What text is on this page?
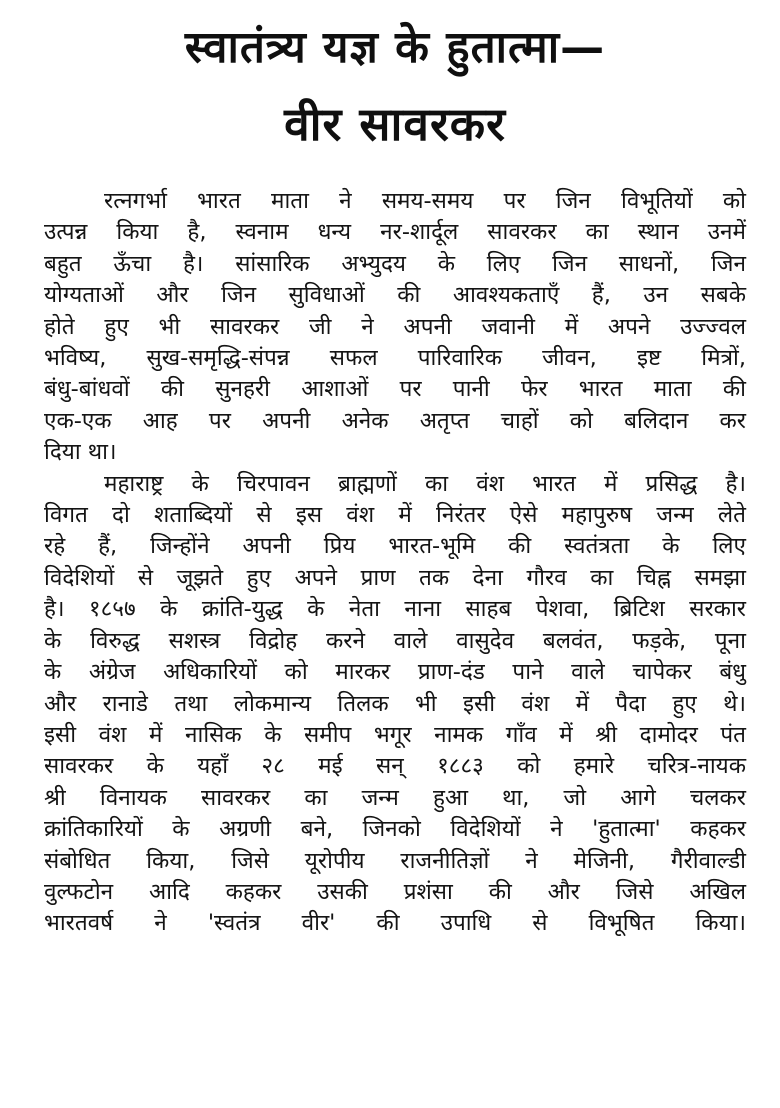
स्वातंत्र्य यज्ञ के हुतात्मा—
वीर सावरकर
रत्नगर्भा भारत माता ने समय-समय पर जिन विभूतियों को
उत्पन्न किया है, स्वनाम धन्य नर-शार्दूल सावरकर का स्थान उनमें
बहुत ऊँचा है। सांसारिक अभ्युदय के लिए जिन साधनों, जिन
योग्यताओं और जिन सुविधाओं की आवश्यकताएँ हैं, उन सबके
होते हुए भी सावरकर जी ने अपनी जवानी में अपने उज्ज्वल
भविष्य, सुख-समृद्धि-संपन्न सफल पारिवारिक जीवन, इष्ट मित्रों,
बंधु-बांधवों की सुनहरी आशाओं पर पानी फेर भारत माता की
एक-एक आह पर अपनी अनेक अतृप्त चाहों को बलिदान कर
दिया था।
महाराष्ट्र के चिरपावन ब्राह्मणों का वंश भारत में प्रसिद्ध है।
विगत दो शताब्दियों से इस वंश में निरंतर ऐसे महापुरुष जन्म लेते
रहे हैं, जिन्होंने अपनी प्रिय भारत-भूमि की स्वतंत्रता के लिए
विदेशियों से जूझते हुए अपने प्राण तक देना गौरव का चिह्न समझा
है। १८५७ के क्रांति-युद्ध के नेता नाना साहब पेशवा, ब्रिटिश सरकार
के विरुद्ध सशस्त्र विद्रोह करने वाले वासुदेव बलवंत, फड़के, पूना
के अंग्रेज अधिकारियों को मारकर प्राण-दंड पाने वाले चापेकर बंधु
और रानाडे तथा लोकमान्य तिलक भी इसी वंश में पैदा हुए थे।
इसी वंश में नासिक के समीप भगूर नामक गाँव में श्री दामोदर पंत
सावरकर के यहाँ २८ मई सन् १८८३ को हमारे चरित्र-नायक
श्री विनायक सावरकर का जन्म हुआ था, जो आगे चलकर
क्रांतिकारियों के अग्रणी बने, जिनको विदेशियों ने 'हुतात्मा' कहकर
संबोधित किया, जिसे यूरोपीय राजनीतिज्ञों ने मेजिनी, गैरीवाल्डी
वुल्फटोन आदि कहकर उसकी प्रशंसा की और जिसे अखिल
भारतवर्ष ने 'स्वतंत्र वीर' की उपाधि से विभूषित किया।
